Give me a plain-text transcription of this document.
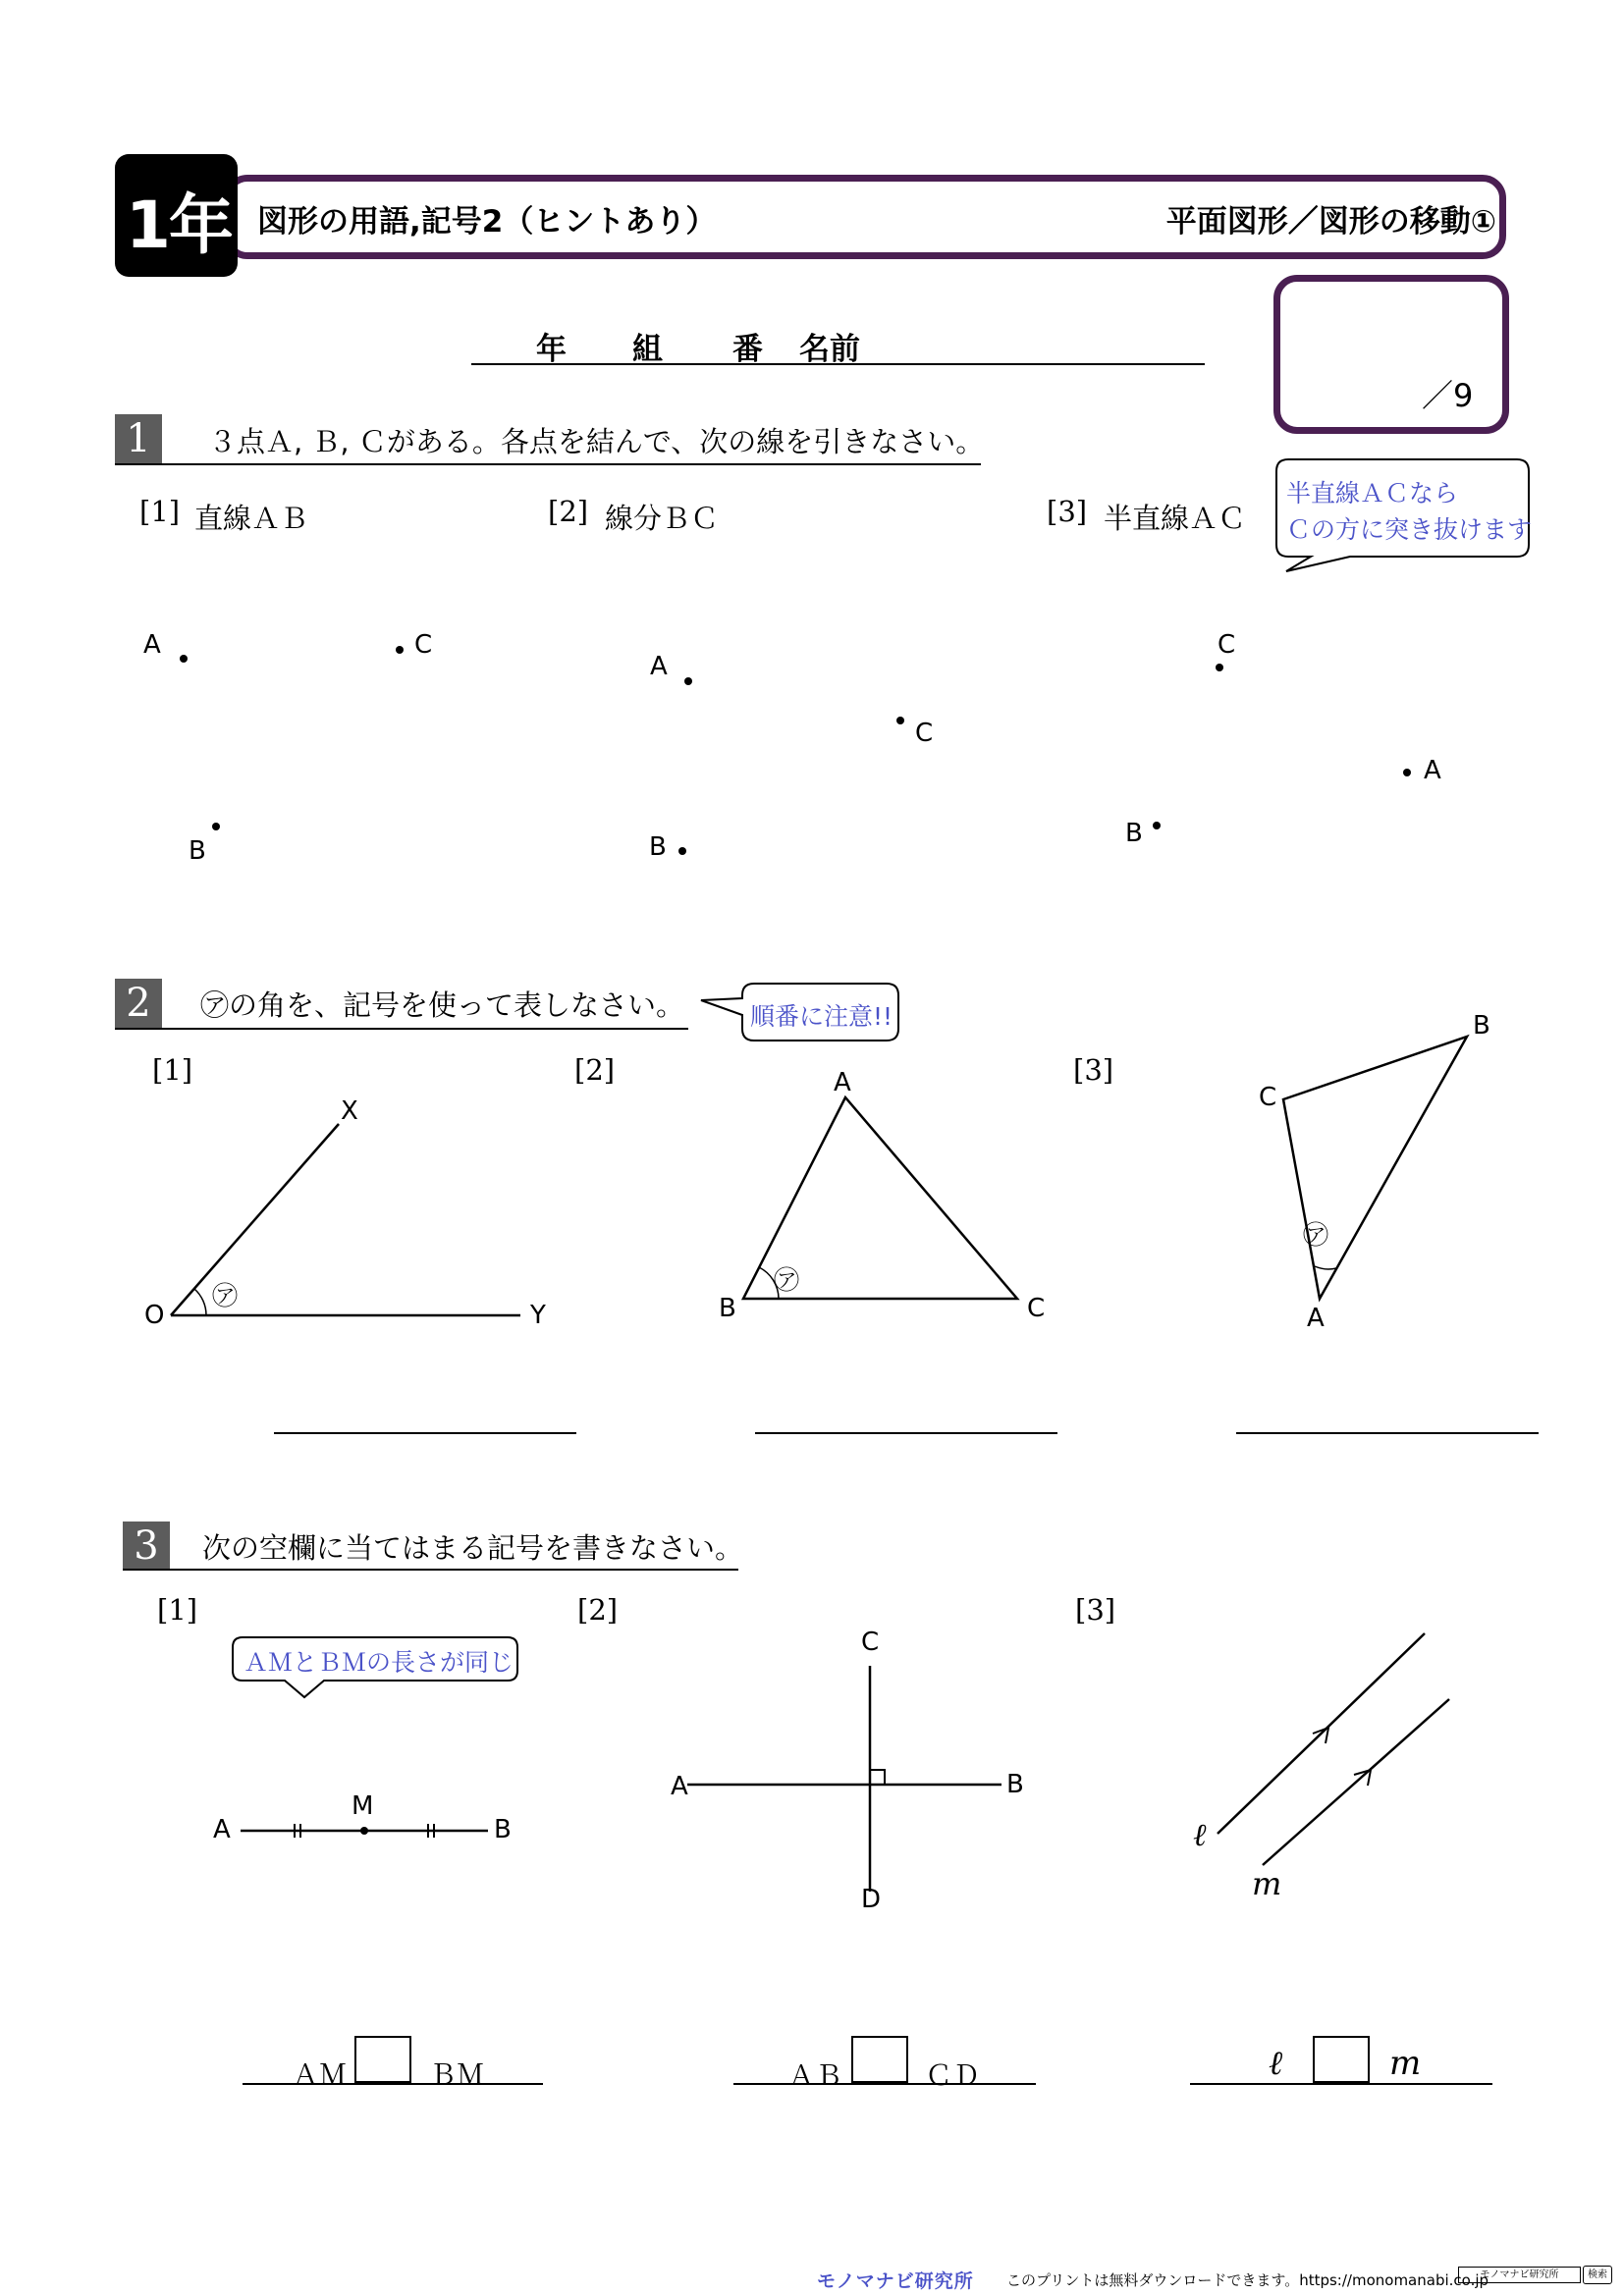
1年 図形の用語,記号2（ヒントあり）	平面図形／図形の移動①
年 組 番 名前
／9
1	３点Ａ, Ｂ, Ｃがある。各点を結んで、次の線を引きなさい。
[1] 直線ＡＢ	[2] 線分ＢＣ	[3] 半直線ＡＣ
半直線ＡＣなら
Ｃの方に突き抜けます
A	C
B
A
C
B
C
A
B
2	㋐の角を、記号を使って表しなさい。	順番に注意!!
[1]	[2]	[3]
X
O	Y
㋐
A
B	C
㋐
B
C
A
㋐
3	次の空欄に当てはまる記号を書きなさい。
[1]	[2]	[3]
ＡＭとＢＭの長さが同じ
A
M
B
C
A	B
D
ℓ
m
ＡＭ	ＢＭ	ＡＢ	ＣＤ	ℓ	m
モノマナビ研究所 このプリントは無料ダウンロードできます。https://monomanabi.co.jp
モノマナビ研究所	検索
